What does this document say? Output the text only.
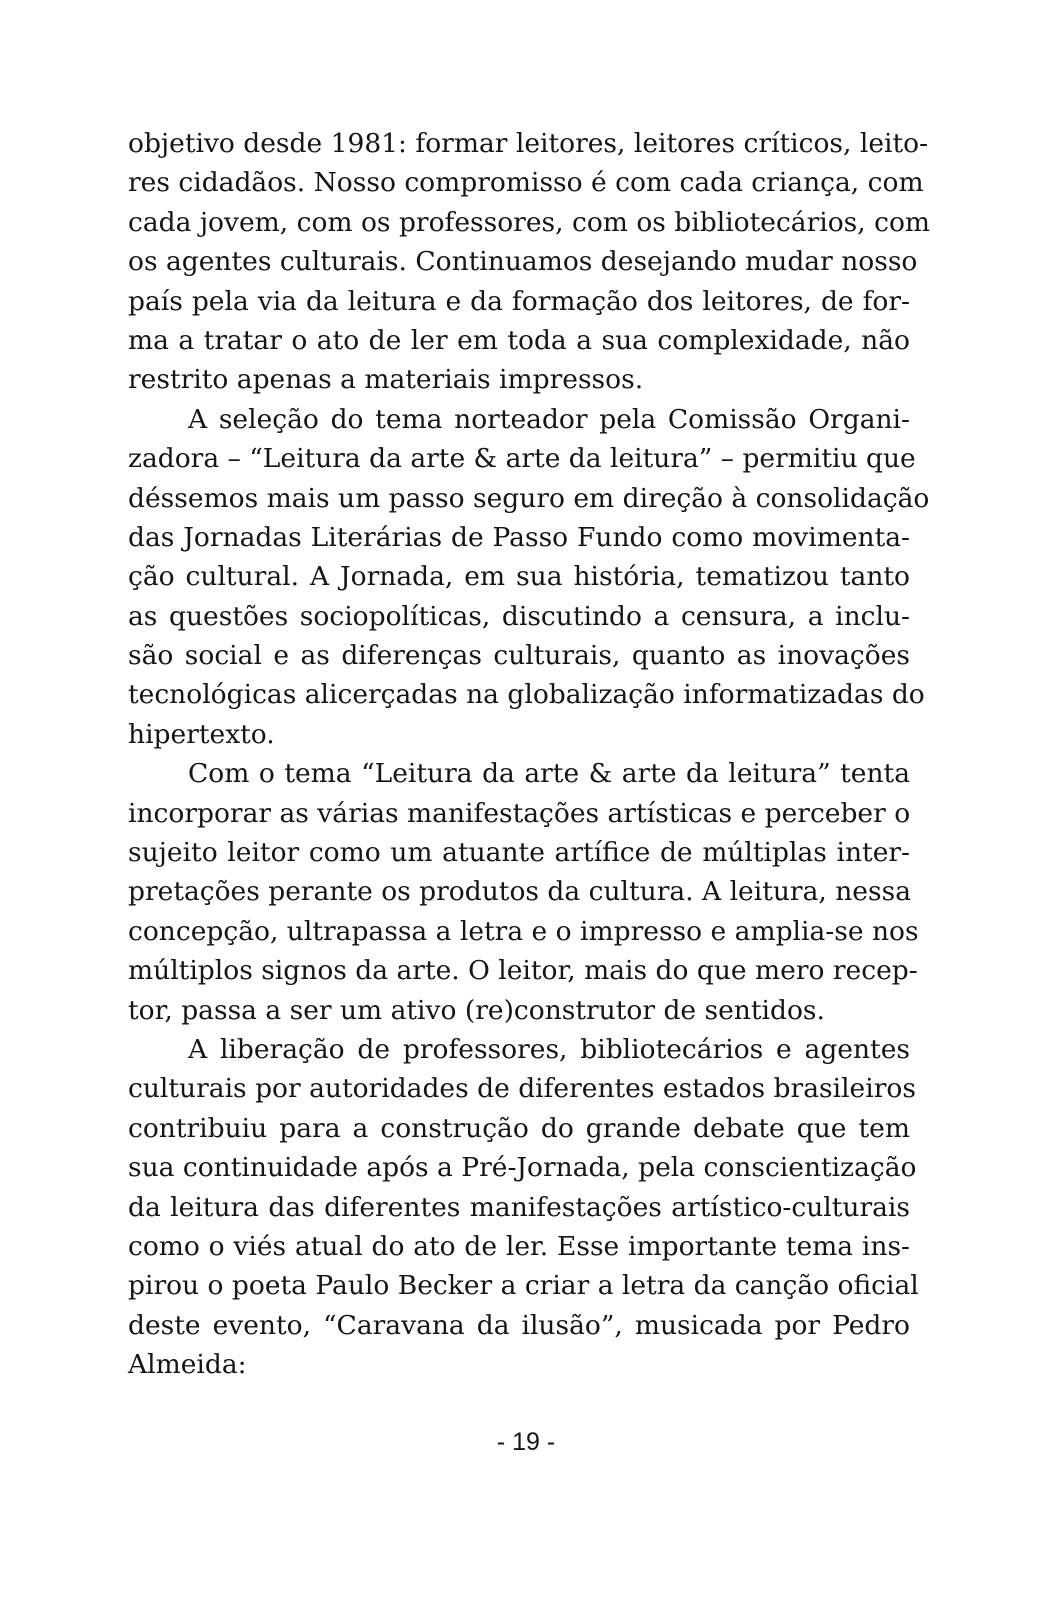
objetivo desde 1981: formar leitores, leitores críticos, leito-
res cidadãos. Nosso compromisso é com cada criança, com
cada jovem, com os professores, com os bibliotecários, com
os agentes culturais. Continuamos desejando mudar nosso
país pela via da leitura e da formação dos leitores, de for-
ma a tratar o ato de ler em toda a sua complexidade, não
restrito apenas a materiais impressos.

A seleção do tema norteador pela Comissão Organi-
zadora – “Leitura da arte & arte da leitura” – permitiu que
déssemos mais um passo seguro em direção à consolidação
das Jornadas Literárias de Passo Fundo como movimenta-
ção cultural. A Jornada, em sua história, tematizou tanto
as questões sociopolíticas, discutindo a censura, a inclu-
são social e as diferenças culturais, quanto as inovações
tecnológicas alicerçadas na globalização informatizadas do
hipertexto.

Com o tema “Leitura da arte & arte da leitura” tenta
incorporar as várias manifestações artísticas e perceber o
sujeito leitor como um atuante artífice de múltiplas inter-
pretações perante os produtos da cultura. A leitura, nessa
concepção, ultrapassa a letra e o impresso e amplia-se nos
múltiplos signos da arte. O leitor, mais do que mero recep-
tor, passa a ser um ativo (re)construtor de sentidos.

A liberação de professores, bibliotecários e agentes
culturais por autoridades de diferentes estados brasileiros
contribuiu para a construção do grande debate que tem
sua continuidade após a Pré-Jornada, pela conscientização
da leitura das diferentes manifestações artístico-culturais
como o viés atual do ato de ler. Esse importante tema ins-
pirou o poeta Paulo Becker a criar a letra da canção oficial
deste evento, “Caravana da ilusão”, musicada por Pedro
Almeida:

- 19 -
